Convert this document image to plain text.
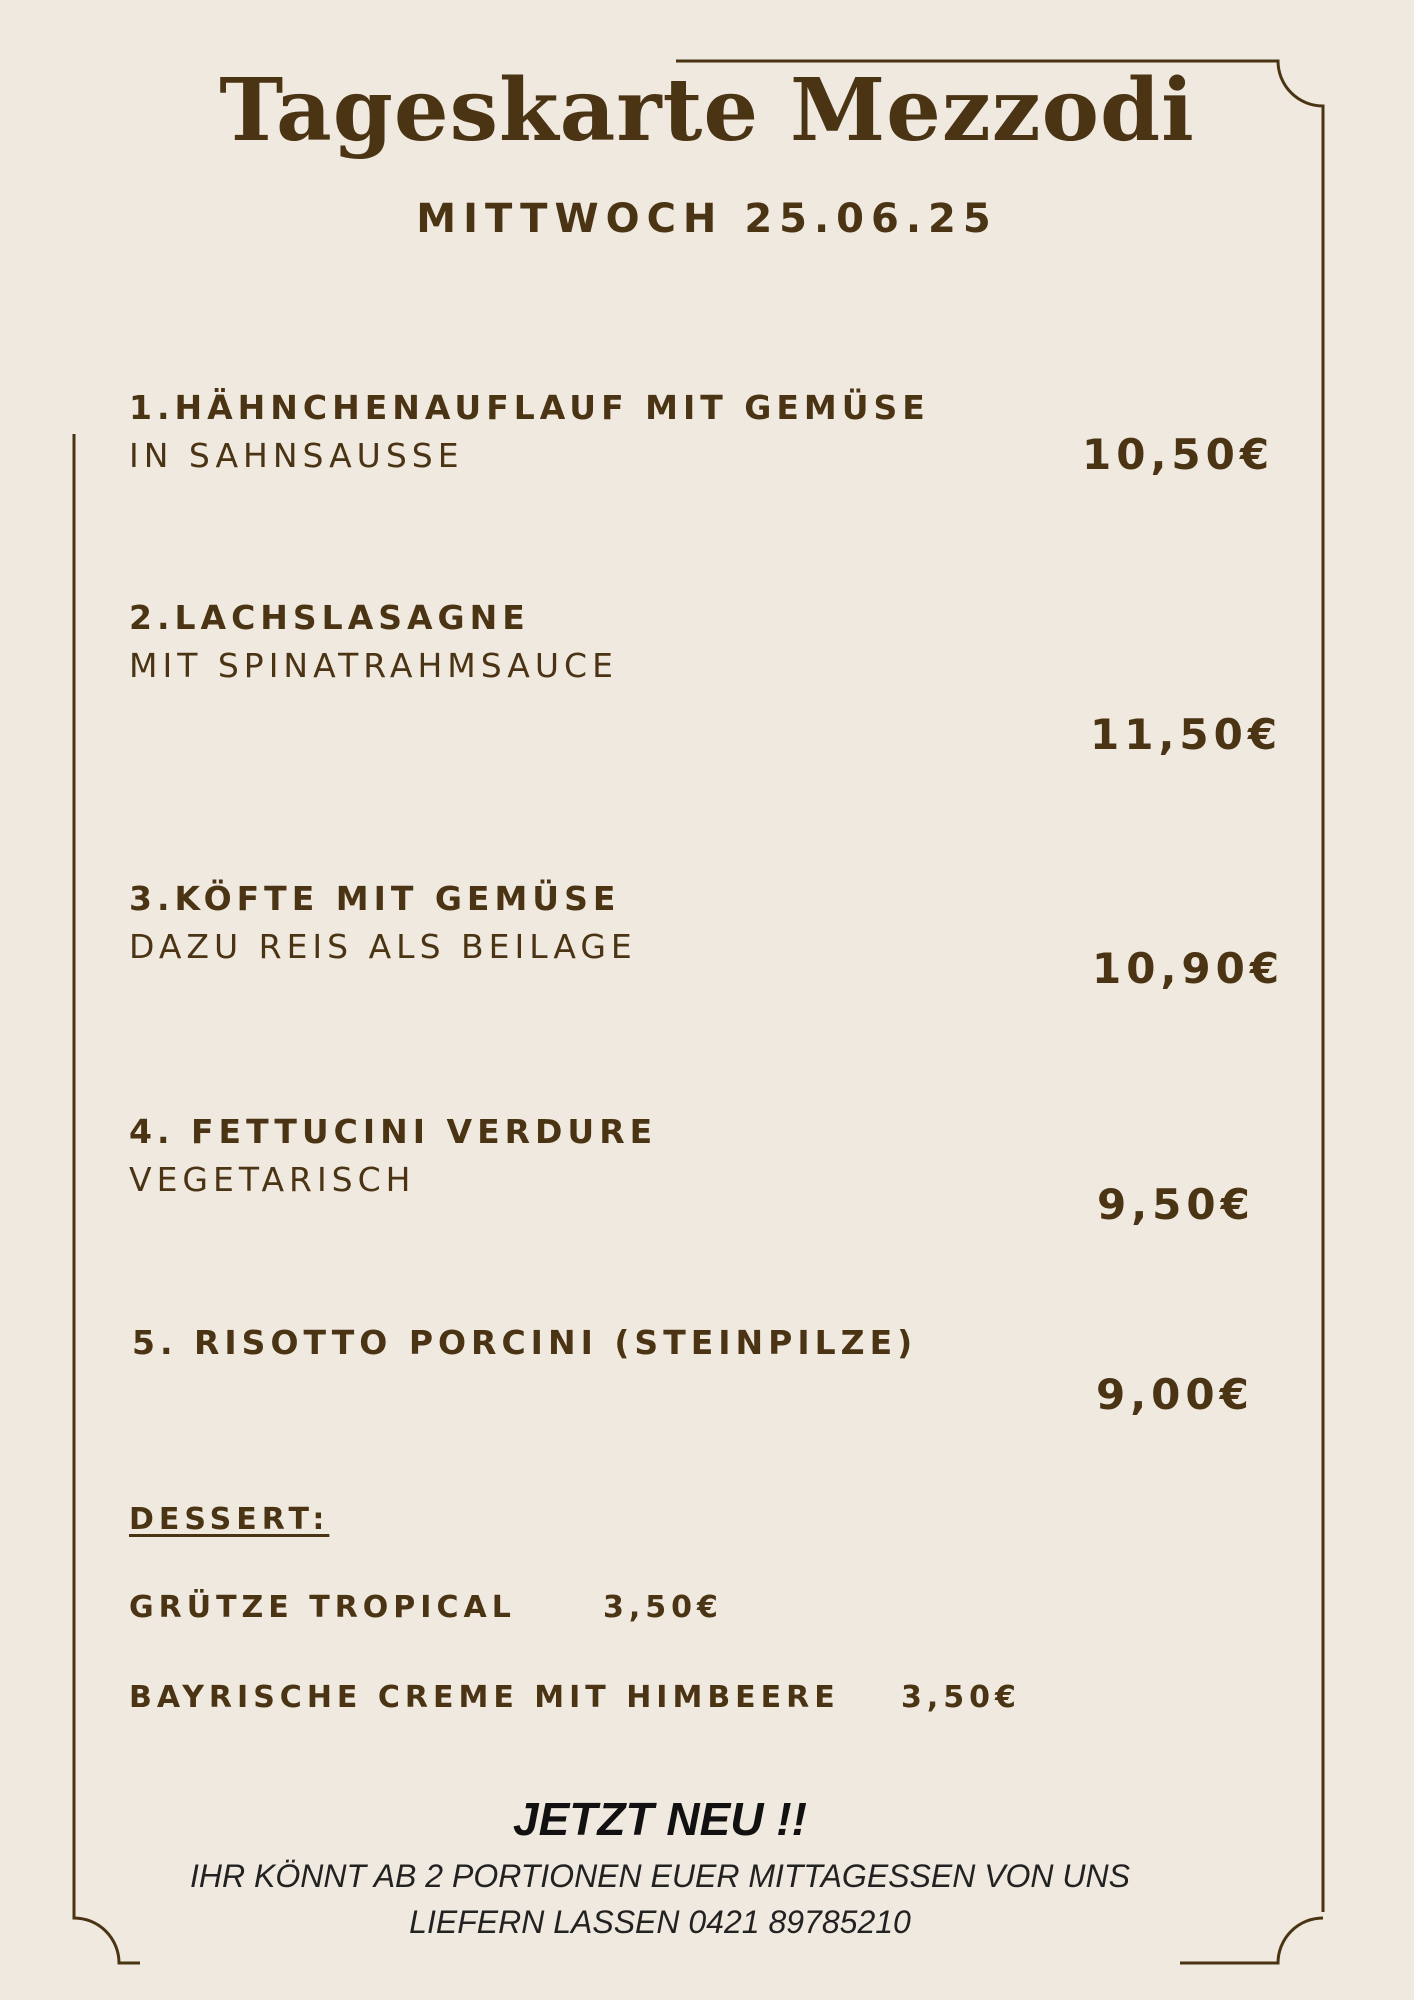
Tageskarte Mezzodi
MITTWOCH 25.06.25
1.HÄHNCHENAUFLAUF MIT GEMÜSE
IN SAHNSAUSSE	10,50€
2.LACHSLASAGNE
MIT SPINATRAHMSAUCE
11,50€
3.KÖFTE MIT GEMÜSE
DAZU REIS ALS BEILAGE	10,90€
4. FETTUCINI VERDURE
VEGETARISCH
9,50€
5. RISOTTO PORCINI (STEINPILZE)
9,00€
DESSERT:
GRÜTZE TROPICAL	3,50€
BAYRISCHE CREME MIT HIMBEERE 3,50€
JETZT NEU !!
IHR KÖNNT AB 2 PORTIONEN EUER MITTAGESSEN VON UNS
LIEFERN LASSEN 0421 89785210
